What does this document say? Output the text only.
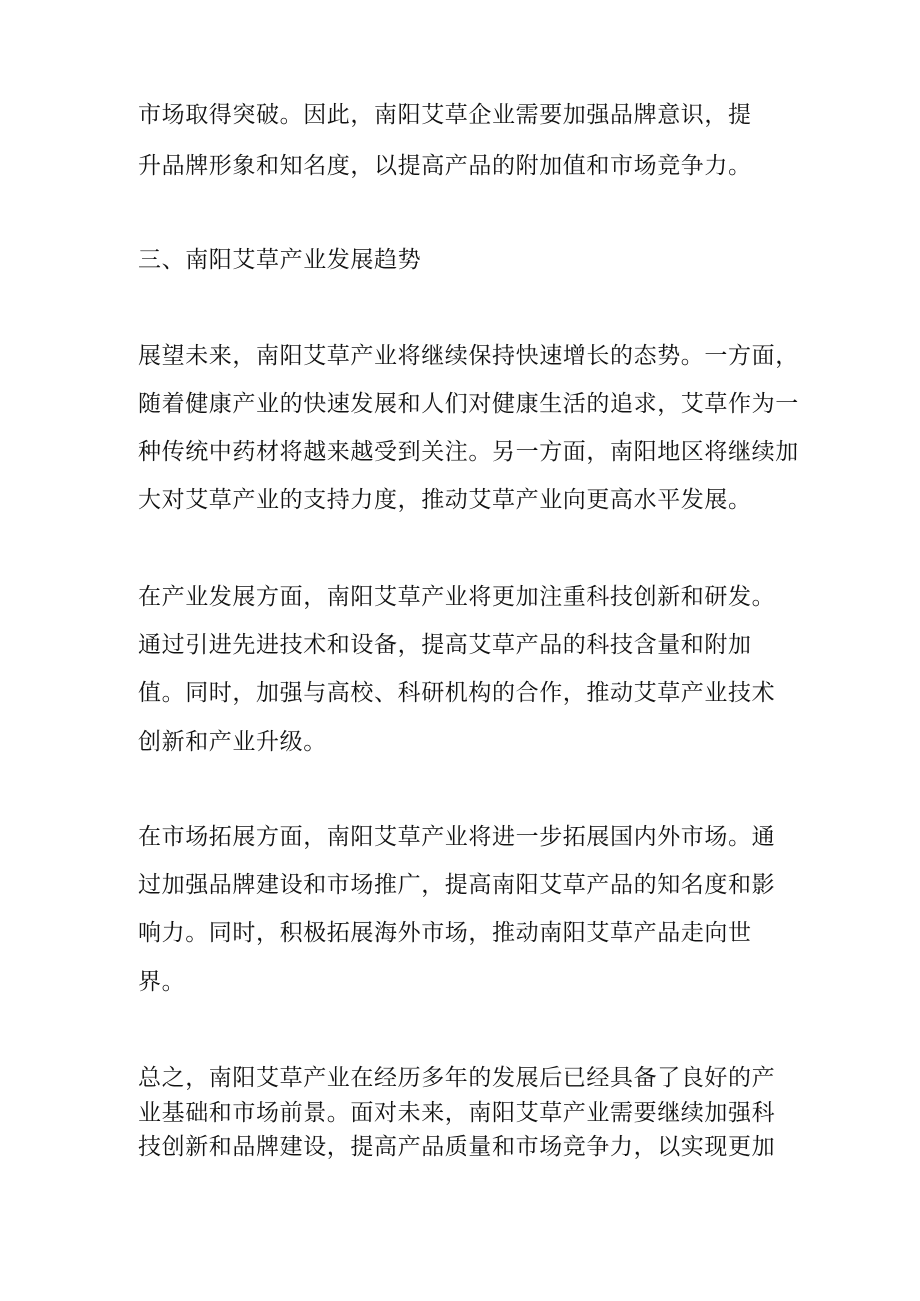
市场取得突破。因此，南阳艾草企业需要加强品牌意识，提

升品牌形象和知名度，以提高产品的附加值和市场竞争力。

三、南阳艾草产业发展趋势

展望未来，南阳艾草产业将继续保持快速增长的态势。一方面，

随着健康产业的快速发展和人们对健康生活的追求，艾草作为一

种传统中药材将越来越受到关注。另一方面，南阳地区将继续加

大对艾草产业的支持力度，推动艾草产业向更高水平发展。

在产业发展方面，南阳艾草产业将更加注重科技创新和研发。

通过引进先进技术和设备，提高艾草产品的科技含量和附加

值。同时，加强与高校、科研机构的合作，推动艾草产业技术

创新和产业升级。

在市场拓展方面，南阳艾草产业将进一步拓展国内外市场。通

过加强品牌建设和市场推广，提高南阳艾草产品的知名度和影

响力。同时，积极拓展海外市场，推动南阳艾草产品走向世

界。

总之，南阳艾草产业在经历多年的发展后已经具备了良好的产

业基础和市场前景。面对未来，南阳艾草产业需要继续加强科

技创新和品牌建设，提高产品质量和市场竞争力，以实现更加
